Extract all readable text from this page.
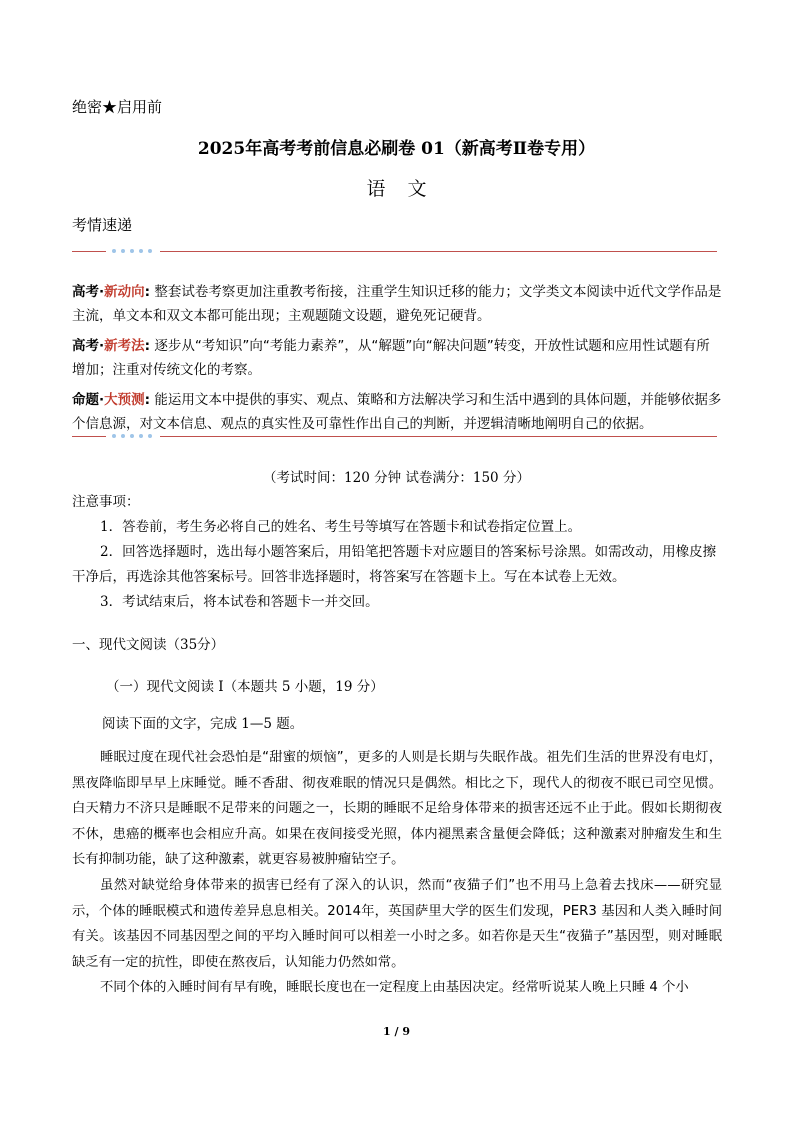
绝密★启用前
2025年高考考前信息必刷卷 01（新高考Ⅱ卷专用）
语文
考情速递
高考·新动向: 整套试卷考察更加注重教考衔接，注重学生知识迁移的能力；文学类文本阅读中近代文学作品是主流，单文本和双文本都可能出现；主观题随文设题，避免死记硬背。
高考·新考法: 逐步从“考知识”向“考能力素养”，从“解题”向“解决问题”转变，开放性试题和应用性试题有所增加；注重对传统文化的考察。
命题·大预测: 能运用文本中提供的事实、观点、策略和方法解决学习和生活中遇到的具体问题，并能够依据多个信息源，对文本信息、观点的真实性及可靠性作出自己的判断，并逻辑清晰地阐明自己的依据。
（考试时间：120 分钟 试卷满分：150 分）
注意事项：
1．答卷前，考生务必将自己的姓名、考生号等填写在答题卡和试卷指定位置上。
2．回答选择题时，选出每小题答案后，用铅笔把答题卡对应题目的答案标号涂黑。如需改动，用橡皮擦干净后，再选涂其他答案标号。回答非选择题时，将答案写在答题卡上。写在本试卷上无效。
3．考试结束后，将本试卷和答题卡一并交回。
一、现代文阅读（35分）
（一）现代文阅读 I（本题共 5 小题，19 分）
阅读下面的文字，完成 1—5 题。
睡眠过度在现代社会恐怕是“甜蜜的烦恼”，更多的人则是长期与失眠作战。祖先们生活的世界没有电灯，黑夜降临即早早上床睡觉。睡不香甜、彻夜难眠的情况只是偶然。相比之下，现代人的彻夜不眠已司空见惯。白天精力不济只是睡眠不足带来的问题之一，长期的睡眠不足给身体带来的损害还远不止于此。假如长期彻夜不休，患癌的概率也会相应升高。如果在夜间接受光照，体内褪黑素含量便会降低；这种激素对肿瘤发生和生长有抑制功能，缺了这种激素，就更容易被肿瘤钻空子。
虽然对缺觉给身体带来的损害已经有了深入的认识，然而“夜猫子们”也不用马上急着去找床——研究显示，个体的睡眠模式和遗传差异息息相关。2014年，英国萨里大学的医生们发现，PER3 基因和人类入睡时间有关。该基因不同基因型之间的平均入睡时间可以相差一小时之多。如若你是天生“夜猫子”基因型，则对睡眠缺乏有一定的抗性，即使在熬夜后，认知能力仍然如常。
不同个体的入睡时间有早有晚，睡眠长度也在一定程度上由基因决定。经常听说某人晚上只睡 4 个小
1 / 9
